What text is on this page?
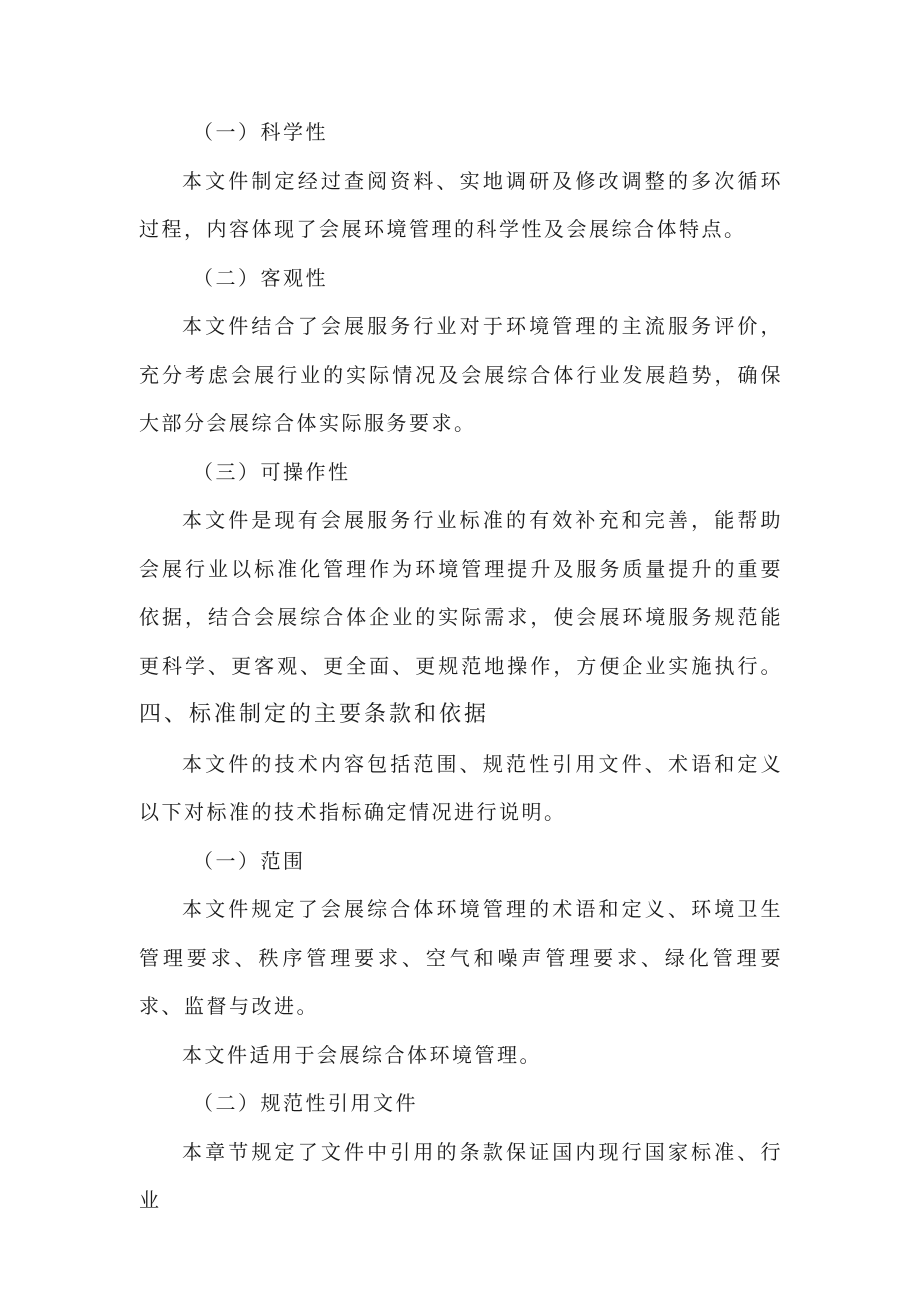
（一）科学性

本文件制定经过查阅资料、实地调研及修改调整的多次循环过程，内容体现了会展环境管理的科学性及会展综合体特点。

（二）客观性

本文件结合了会展服务行业对于环境管理的主流服务评价，充分考虑会展行业的实际情况及会展综合体行业发展趋势，确保大部分会展综合体实际服务要求。

（三）可操作性

本文件是现有会展服务行业标准的有效补充和完善，能帮助会展行业以标准化管理作为环境管理提升及服务质量提升的重要依据，结合会展综合体企业的实际需求，使会展环境服务规范能更科学、更客观、更全面、更规范地操作，方便企业实施执行。四、标准制定的主要条款和依据

本文件的技术内容包括范围、规范性引用文件、术语和定义以下对标准的技术指标确定情况进行说明。

（一）范围

本文件规定了会展综合体环境管理的术语和定义、环境卫生管理要求、秩序管理要求、空气和噪声管理要求、绿化管理要求、监督与改进。

本文件适用于会展综合体环境管理。

（二）规范性引用文件

本章节规定了文件中引用的条款保证国内现行国家标准、行业
